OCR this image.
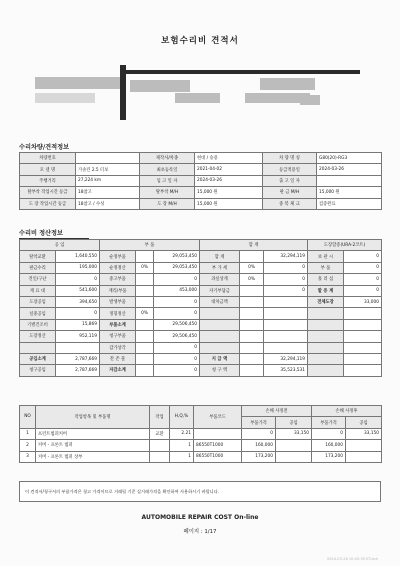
보험수리비 견적서
수리차량/견적정보
차량번호		제작사/차종	현대 / 승용	차 량 명 칭	G80(20)-RG3
모 델 명	가솔린 2.5 터보	최초등록일	2021-04-02	등급적용일	2024-03-26
주행거리	27,224 km	입 고 일 자	2024-03-26	출 고 일 자	
탈부착 작업시간 등급	18참고	탈부착 M/H	15,000 원	판 금 M/H	15,000 원
도 장 작업시간 등급	18참고 / 수성	도 장 M/H	15,000 원	중 복 체 크	검증완료
수리비 정산정보
공 임		부 품			합 계			도장할증(URA-2코트)	
탈착교환	1,640,550	순정부품		29,053,450	합 계		32,294,119	보 관 시	0
판금수리	195,000	순정정산	0%	29,053,450	부 가 세	0%	0	부 품	0
견인/구난	0	중고부품		0	과실상계	0%	0	흘 러 섬	0
재 료 대	541,600	재리/부품		453,000	자기부담금		0	할 증 계	0
도장공임	394,650	발생부품		0	대차금액			전체도장	33,000
실중공임	0	정형정산	0%	0					
기별건조비	15,869	부품소계		29,506,450					
도장정산	952,119	청구부품		29,506,450					
		감가상각		0					
공임소계	2,787,669	잔 존 물		0	지 급 액		32,294,119		
청구공임	2,787,669	자감소계		0	청 구 액		35,523,531		
NO	작업항목 및 부품명	작업	H,Q,%	부품코드	손해 사정전		손해 사정후	
					부품가격	공임	부품가격	공임
1	프런트범퍼커버	교환	2.21		0	33,150	0	33,150
2	커버 - 프론트 범퍼		1	86550T1000	160,000		160,000	
3	커버 - 프론트 범퍼 상부		1	86550T1000	173,200		173,200	
이 견적서/청구서의 부품가격은 청고 가격이므로 거래될 기준 실거래가격을 확인하여 사용하시기 바랍니다.
AUTOMOBILE REPAIR COST On-line
페이지 : 1/17
2024-03-26 10:45:35 KT.ubh
